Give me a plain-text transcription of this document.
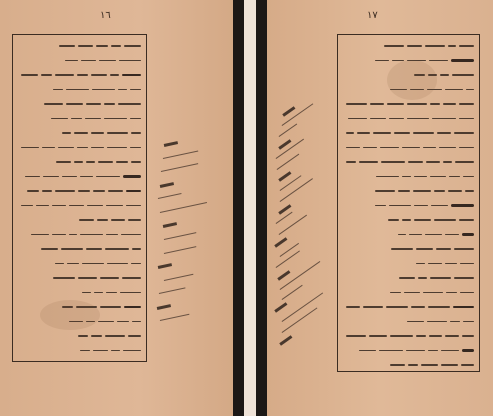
١٦	١٧
